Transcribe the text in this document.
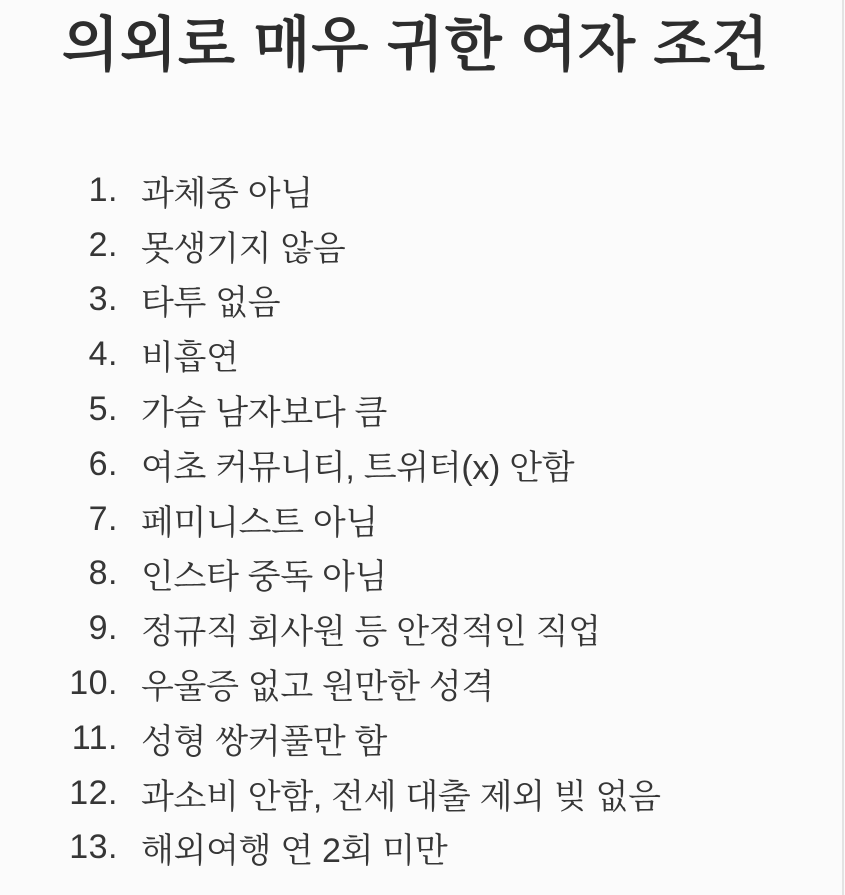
의외로 매우 귀한 여자 조건
1. 과체중 아님
2. 못생기지 않음
3. 타투 없음
4. 비흡연
5. 가슴 남자보다 큼
6. 여초 커뮤니티, 트위터(x) 안함
7. 페미니스트 아님
8. 인스타 중독 아님
9. 정규직 회사원 등 안정적인 직업
10. 우울증 없고 원만한 성격
11. 성형 쌍커풀만 함
12. 과소비 안함, 전세 대출 제외 빚 없음
13. 해외여행 연 2회 미만
